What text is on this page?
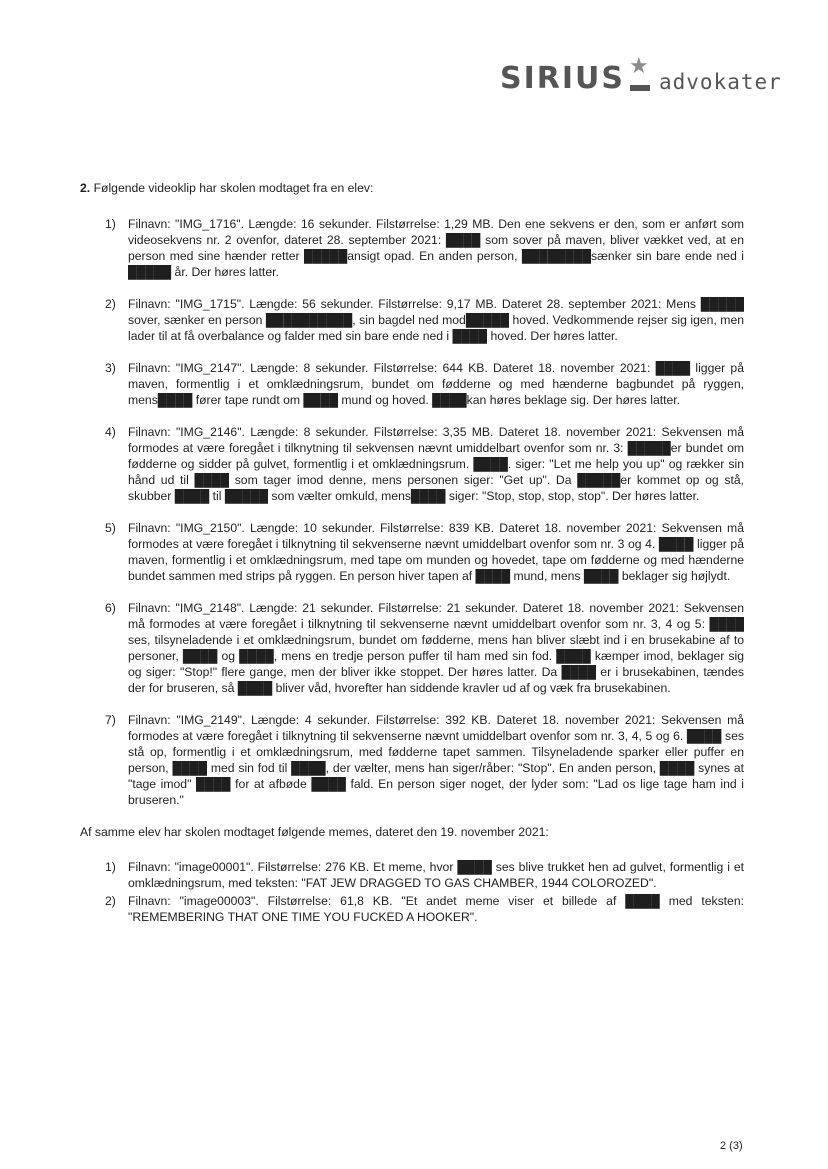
SIRIUS ★
advokater
2. Følgende videoklip har skolen modtaget fra en elev:
1) Filnavn: "IMG_1716". Længde: 16 sekunder. Filstørrelse: 1,29 MB. Den ene sekvens er den, som er anført som videosekvens nr. 2 ovenfor, dateret 28. september 2021: ████ som sover på maven, bliver vækket ved, at en person med sine hænder retter █████ansigt opad. En anden person, ████████sænker sin bare ende ned i █████ år. Der høres latter.
2) Filnavn: "IMG_1715". Længde: 56 sekunder. Filstørrelse: 9,17 MB. Dateret 28. september 2021: Mens █████ sover, sænker en person ██████████, sin bagdel ned mod█████ hoved. Vedkommende rejser sig igen, men lader til at få overbalance og falder med sin bare ende ned i ████ hoved. Der høres latter.
3) Filnavn: "IMG_2147". Længde: 8 sekunder. Filstørrelse: 644 KB. Dateret 18. november 2021: ████ ligger på maven, formentlig i et omklædningsrum, bundet om fødderne og med hænderne bagbundet på ryggen, mens████ fører tape rundt om ████ mund og hoved. ████kan høres beklage sig. Der høres latter.
4) Filnavn: "IMG_2146". Længde: 8 sekunder. Filstørrelse: 3,35 MB. Dateret 18. november 2021: Sekvensen må formodes at være foregået i tilknytning til sekvensen nævnt umiddelbart ovenfor som nr. 3: █████er bundet om fødderne og sidder på gulvet, formentlig i et omklædningsrum. ████. siger: "Let me help you up" og rækker sin hånd ud til ████ som tager imod denne, mens personen siger: "Get up". Da █████er kommet op og stå, skubber ████ til █████ som vælter omkuld, mens████ siger: "Stop, stop, stop, stop". Der høres latter.
5) Filnavn: "IMG_2150". Længde: 10 sekunder. Filstørrelse: 839 KB. Dateret 18. november 2021: Sekvensen må formodes at være foregået i tilknytning til sekvenserne nævnt umiddelbart ovenfor som nr. 3 og 4. ████ ligger på maven, formentlig i et omklædningsrum, med tape om munden og hovedet, tape om fødderne og med hænderne bundet sammen med strips på ryggen. En person hiver tapen af ████ mund, mens ████ beklager sig højlydt.
6) Filnavn: "IMG_2148". Længde: 21 sekunder. Filstørrelse: 21 sekunder. Dateret 18. november 2021: Sekvensen må formodes at være foregået i tilknytning til sekvenserne nævnt umiddelbart ovenfor som nr. 3, 4 og 5: ████ ses, tilsyneladende i et omklædningsrum, bundet om fødderne, mens han bliver slæbt ind i en brusekabine af to personer, ████ og ████, mens en tredje person puffer til ham med sin fod. ████ kæmper imod, beklager sig og siger: "Stop!" flere gange, men der bliver ikke stoppet. Der høres latter. Da ████ er i brusekabinen, tændes der for bruseren, så ████ bliver våd, hvorefter han siddende kravler ud af og væk fra brusekabinen.
7) Filnavn: "IMG_2149". Længde: 4 sekunder. Filstørrelse: 392 KB. Dateret 18. november 2021: Sekvensen må formodes at være foregået i tilknytning til sekvenserne nævnt umiddelbart ovenfor som nr. 3, 4, 5 og 6. ████ ses stå op, formentlig i et omklædningsrum, med fødderne tapet sammen. Tilsyneladende sparker eller puffer en person, ████ med sin fod til ████, der vælter, mens han siger/råber: "Stop". En anden person, ████ synes at "tage imod" ████ for at afbøde ████ fald. En person siger noget, der lyder som: "Lad os lige tage ham ind i bruseren."

Af samme elev har skolen modtaget følgende memes, dateret den 19. november 2021:

1) Filnavn: "image00001". Filstørrelse: 276 KB. Et meme, hvor ████ ses blive trukket hen ad gulvet, formentlig i et omklædningsrum, med teksten: "FAT JEW DRAGGED TO GAS CHAMBER, 1944 COLOROZED".
2) Filnavn: "image00003". Filstørrelse: 61,8 KB. "Et andet meme viser et billede af ████ med teksten: "REMEMBERING THAT ONE TIME YOU FUCKED A HOOKER".
2 (3)
